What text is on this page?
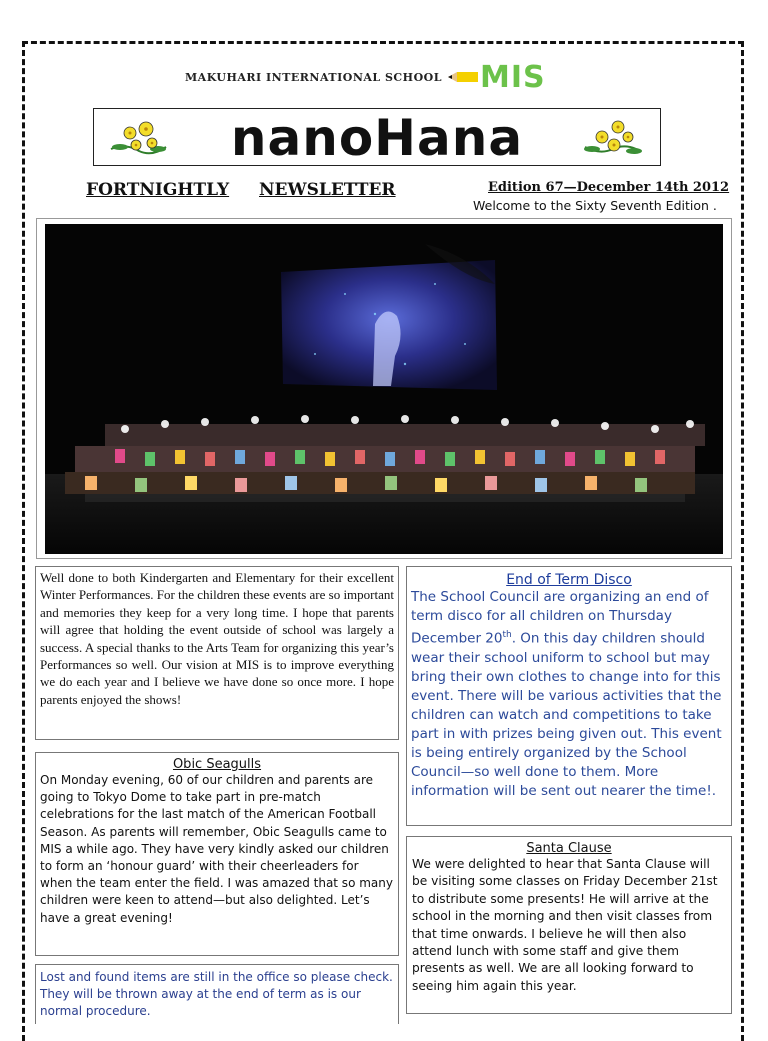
MAKUHARI INTERNATIONAL SCHOOL MIS
nanoHana
FORTNIGHTLY NEWSLETTER	Edition 67—December 14th 2012
Welcome to the Sixty Seventh Edition .
Well done to both Kindergarten and Elementary for their excellent Winter Performances. For the children these events are so important and memories they keep for a very long time. I hope that parents will agree that holding the event outside of school was largely a success. A special thanks to the Arts Team for organizing this year’s Performances so well. Our vision at MIS is to improve everything we do each year and I believe we have done so once more. I hope parents enjoyed the shows!
Obic Seagulls
On Monday evening, 60 of our children and parents are going to Tokyo Dome to take part in pre-match celebrations for the last match of the American Football Season. As parents will remember, Obic Seagulls came to MIS a while ago. They have very kindly asked our children to form an ‘honour guard’ with their cheerleaders for when the team enter the field. I was amazed that so many children were keen to attend—but also delighted. Let’s have a great evening!
Lost and found items are still in the office so please check. They will be thrown away at the end of term as is our normal procedure.
End of Term Disco
The School Council are organizing an end of term disco for all children on Thursday December 20th. On this day children should wear their school uniform to school but may bring their own clothes to change into for this event. There will be various activities that the children can watch and competitions to take part in with prizes being given out. This event is being entirely organized by the School Council—so well done to them. More information will be sent out nearer the time!.
Santa Clause
We were delighted to hear that Santa Clause will be visiting some classes on Friday December 21st to distribute some presents! He will arrive at the school in the morning and then visit classes from that time onwards. I believe he will then also attend lunch with some staff and give them presents as well. We are all looking forward to seeing him again this year.
